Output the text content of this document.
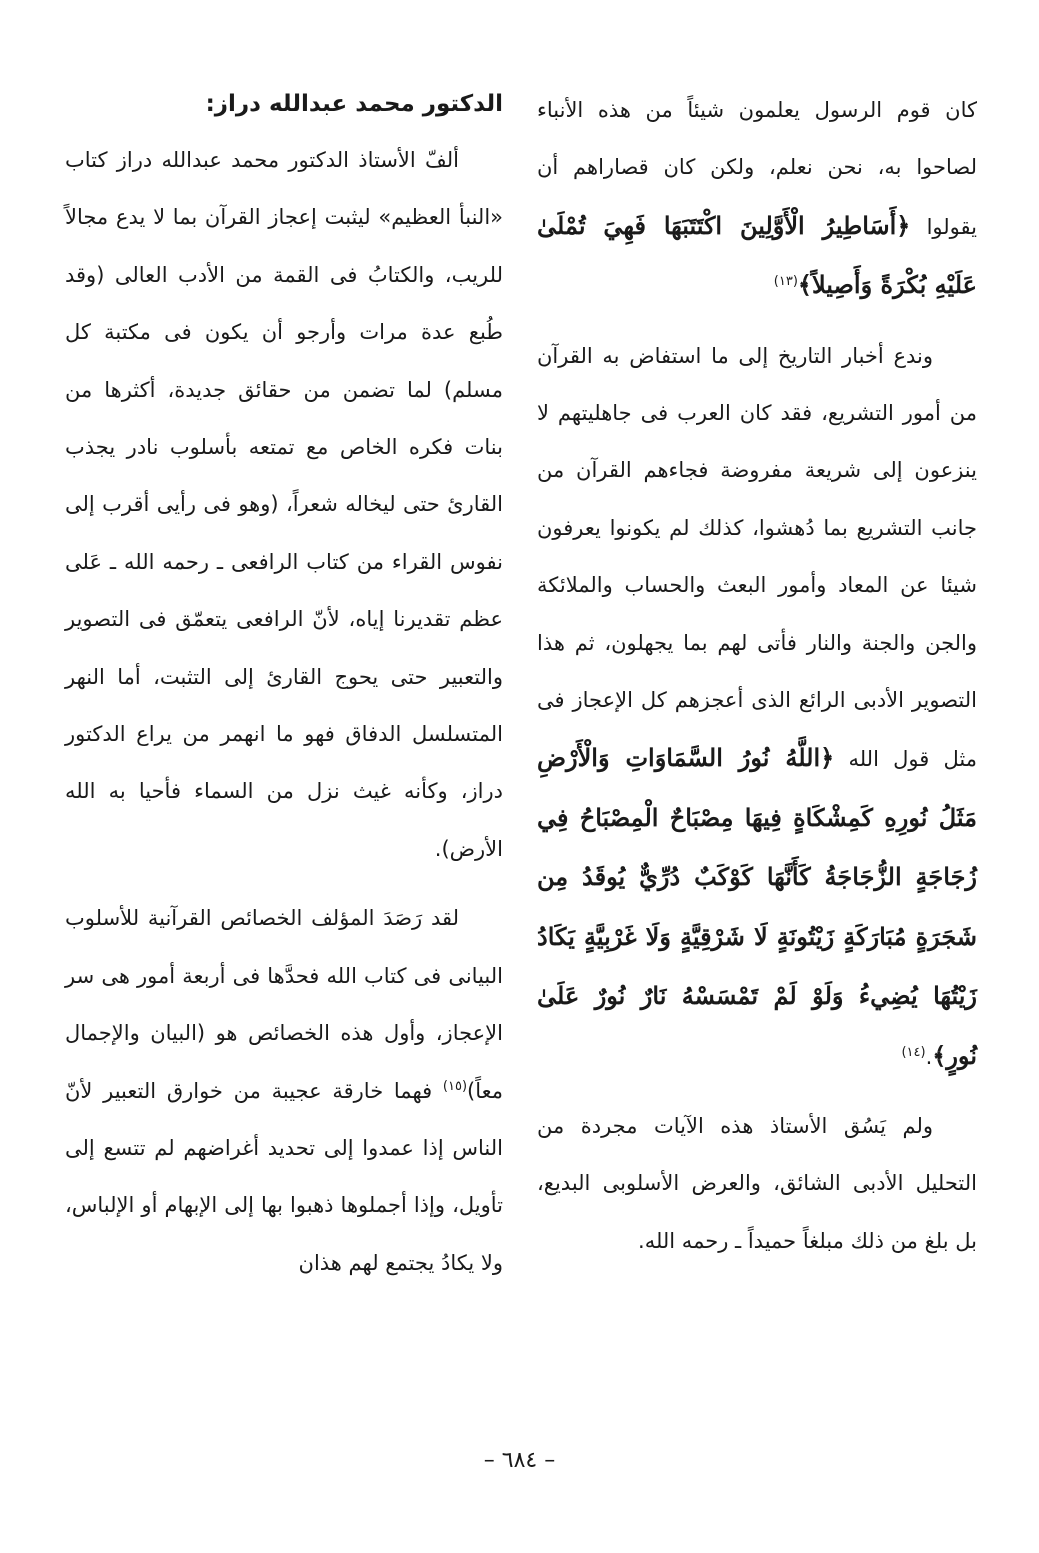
كان قوم الرسول يعلمون شيئاً من هذه الأنباء لصاحوا به، نحن نعلم، ولكن كان قصاراهم أن يقولوا ﴿أَسَاطِيرُ الْأَوَّلِينَ اكْتَتَبَهَا فَهِيَ تُمْلَىٰ عَلَيْهِ بُكْرَةً وَأَصِيلاً﴾$^{(١٣)}$

وندع أخبار التاريخ إلى ما استفاض به القرآن من أمور التشريع، فقد كان العرب فى جاهليتهم لا ينزعون إلى شريعة مفروضة فجاءهم القرآن من جانب التشريع بما دُهشوا، كذلك لم يكونوا يعرفون شيئا عن المعاد وأمور البعث والحساب والملائكة والجن والجنة والنار فأتى لهم بما يجهلون، ثم هذا التصوير الأدبى الرائع الذى أعجزهم كل الإعجاز فى مثل قول الله ﴿اللَّهُ نُورُ السَّمَاوَاتِ وَالْأَرْضِ مَثَلُ نُورِهِ كَمِشْكَاةٍ فِيهَا مِصْبَاحٌ الْمِصْبَاحُ فِي زُجَاجَةٍ الزُّجَاجَةُ كَأَنَّهَا كَوْكَبٌ دُرِّيٌّ يُوقَدُ مِن شَجَرَةٍ مُبَارَكَةٍ زَيْتُونَةٍ لَا شَرْقِيَّةٍ وَلَا غَرْبِيَّةٍ يَكَادُ زَيْتُهَا يُضِيءُ وَلَوْ لَمْ تَمْسَسْهُ نَارٌ نُورٌ عَلَىٰ نُورٍ﴾.$^{(١٤)}$

ولم يَسُق الأستاذ هذه الآيات مجردة من التحليل الأدبى الشائق، والعرض الأسلوبى البديع، بل بلغ من ذلك مبلغاً حميداً ـ رحمه الله.

الدكتور محمد عبدالله دراز:

ألفّ الأستاذ الدكتور محمد عبدالله دراز كتاب «النبأ العظيم» ليثبت إعجاز القرآن بما لا يدع مجالاً للريب، والكتابُ فى القمة من الأدب العالى (وقد طُبع عدة مرات وأرجو أن يكون فى مكتبة كل مسلم) لما تضمن من حقائق جديدة، أكثرها من بنات فكره الخاص مع تمتعه بأسلوب نادر يجذب القارئ حتى ليخاله شعراً، (وهو فى رأيى أقرب إلى نفوس القراء من كتاب الرافعى ـ رحمه الله ـ عَلى عظم تقديرنا إياه، لأنّ الرافعى يتعمّق فى التصوير والتعبير حتى يحوج القارئ إلى التثبت، أما النهر المتسلسل الدفاق فهو ما انهمر من يراع الدكتور دراز، وكأنه غيث نزل من السماء فأحيا به الله الأرض).

لقد رَصَدَ المؤلف الخصائص القرآنية للأسلوب البيانى فى كتاب الله فحدَّها فى أربعة أمور هى سر الإعجاز، وأول هذه الخصائص هو (البيان والإجمال معاً)$^{(١٥)}$ فهما خارقة عجيبة من خوارق التعبير لأنّ الناس إذا عمدوا إلى تحديد أغراضهم لم تتسع إلى تأويل، وإذا أجملوها ذهبوا بها إلى الإبهام أو الإلباس، ولا يكادُ يجتمع لهم هذان

– ٦٨٤ –
